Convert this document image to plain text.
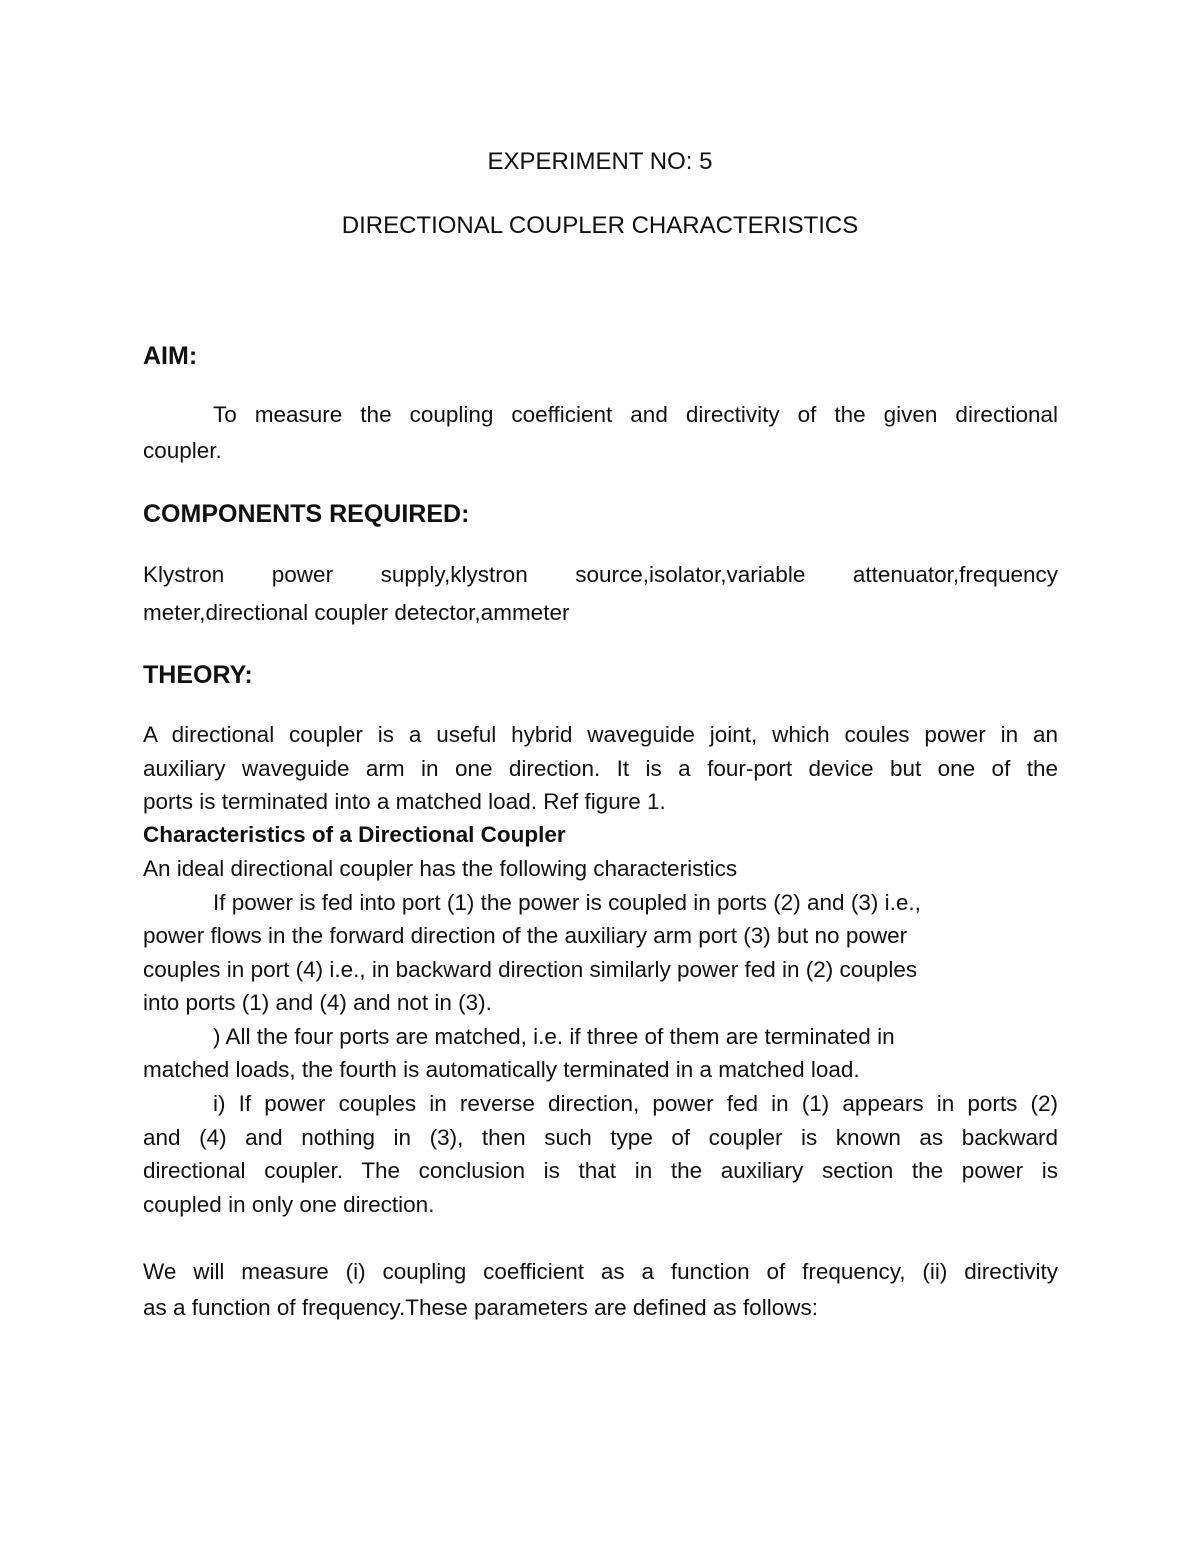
EXPERIMENT NO: 5

DIRECTIONAL COUPLER CHARACTERISTICS

AIM:

To measure the coupling coefficient and directivity of the given directional

coupler.

COMPONENTS REQUIRED:

Klystron power supply,klystron source,isolator,variable attenuator,frequency

meter,directional coupler detector,ammeter

THEORY:

A directional coupler is a useful hybrid waveguide joint, which coules power in an

auxiliary waveguide arm in one direction. It is a four-port device but one of the

ports is terminated into a matched load. Ref figure 1.

Characteristics of a Directional Coupler

An ideal directional coupler has the following characteristics

If power is fed into port (1) the power is coupled in ports (2) and (3) i.e.,

power flows in the forward direction of the auxiliary arm port (3) but no power

couples in port (4) i.e., in backward direction similarly power fed in (2) couples

into ports (1) and (4) and not in (3).

) All the four ports are matched, i.e. if three of them are terminated in

matched loads, the fourth is automatically terminated in a matched load.

i) If power couples in reverse direction, power fed in (1) appears in ports (2)

and (4) and nothing in (3), then such type of coupler is known as backward

directional coupler. The conclusion is that in the auxiliary section the power is

coupled in only one direction.

We will measure (i) coupling coefficient as a function of frequency, (ii) directivity

as a function of frequency.These parameters are defined as follows:
